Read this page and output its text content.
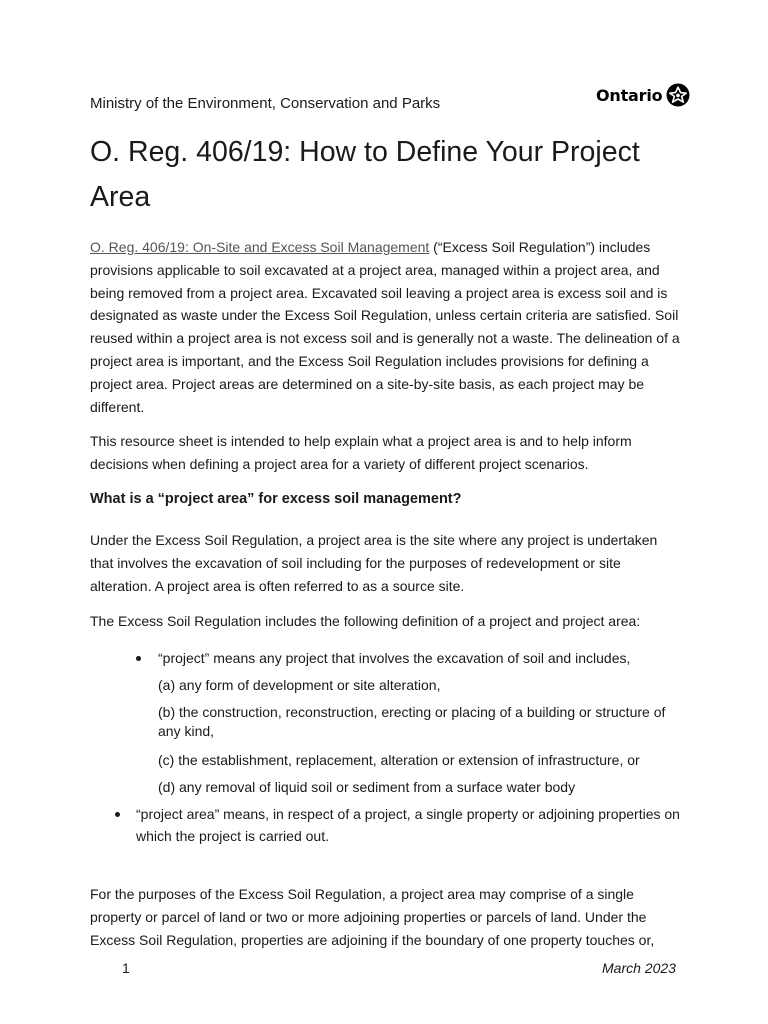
Ministry of the Environment, Conservation and Parks	Ontario
O. Reg. 406/19: How to Define Your Project Area

O. Reg. 406/19: On-Site and Excess Soil Management (“Excess Soil Regulation”) includes provisions applicable to soil excavated at a project area, managed within a project area, and being removed from a project area. Excavated soil leaving a project area is excess soil and is designated as waste under the Excess Soil Regulation, unless certain criteria are satisfied. Soil reused within a project area is not excess soil and is generally not a waste. The delineation of a project area is important, and the Excess Soil Regulation includes provisions for defining a project area. Project areas are determined on a site-by-site basis, as each project may be different.

This resource sheet is intended to help explain what a project area is and to help inform decisions when defining a project area for a variety of different project scenarios.

What is a “project area” for excess soil management?

Under the Excess Soil Regulation, a project area is the site where any project is undertaken that involves the excavation of soil including for the purposes of redevelopment or site alteration. A project area is often referred to as a source site.

The Excess Soil Regulation includes the following definition of a project and project area:

“project” means any project that involves the excavation of soil and includes,
(a) any form of development or site alteration,
(b) the construction, reconstruction, erecting or placing of a building or structure of any kind,
(c) the establishment, replacement, alteration or extension of infrastructure, or
(d) any removal of liquid soil or sediment from a surface water body
“project area” means, in respect of a project, a single property or adjoining properties on which the project is carried out.

For the purposes of the Excess Soil Regulation, a project area may comprise of a single property or parcel of land or two or more adjoining properties or parcels of land. Under the Excess Soil Regulation, properties are adjoining if the boundary of one property touches or,

1	March 2023
